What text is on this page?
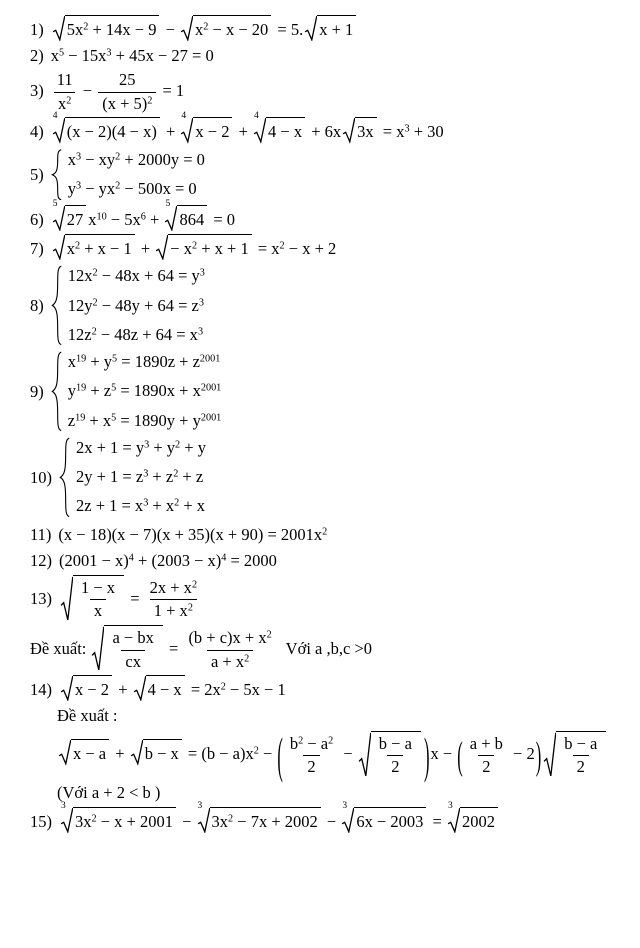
1) $5x^2 + 14x - 9$ −
$x^2 - x - 20 = 5$. x + 1
2) $x^5 - 15x^3 + 45x - 27 = 0$
$3) \frac{11}{x^2} - \frac{25}{(x + 5)^2} = 1$
4)
4
(x − 2)(4 − x) +
4
x − 2 +
4
4 − x + 6x $3x = x^3 + 30$
5)
$x^3 - xy^2 + 2000y = 0$
$y^3 - yx^2 - 500x = 0$
6)
5
27 $x^{10} - 5x^6$ +
5
864 = 0
7) $x^2 + x - 1$ +
− $x^2 + x + 1 = x^2 - x + 2$
8)
$12x^2 - 48x + 64 = y^3$
$12y^2 - 48y + 64 = z^3$
$12z^2 - 48z + 64 = x^3$
9)
$x^{19} + y^5 = 1890z + z^{2001}$
$y^{19} + z^5 = 1890x + x^{2001}$
$z^{19} + x^5 = 1890y + y^{2001}$
10)
$2x + 1 = y^3 + y^2 + y$
$2y + 1 = z^3 + z^2 + z$
$2z + 1 = x^3 + x^2 + x$
11) $(x - 18)(x - 7)(x + 35)(x + 90) = 2001x^2$
12) $(2001 - x)^4 + (2003 - x)^4 = 2000$
$13) \frac{1 - x}{x} = \frac{2x + x^2}{1 + x^2}$
Đề xuất: $\frac{a - bx}{cx} = \frac{(b + c)x + x^2}{a + x^2}$ Với a ,b,c >0
14) x − 2 +
$4 - x = 2x^2 - 5x - 1$
Đề xuất :
x − a +
$b - x = (b - a)x^2$ − ( $\frac{b^2 - a^2}{2} - \frac{b - a}{2} )x$ − ( $\frac{a + b}{2} - 2) \frac{b - a}{2}$
(Với a + 2 < b )
15)
3
$3x^2 - x + 2001$ −
3
$3x^2 - 7x + 2002$ −
3
6x − 2003 =
3
2002
